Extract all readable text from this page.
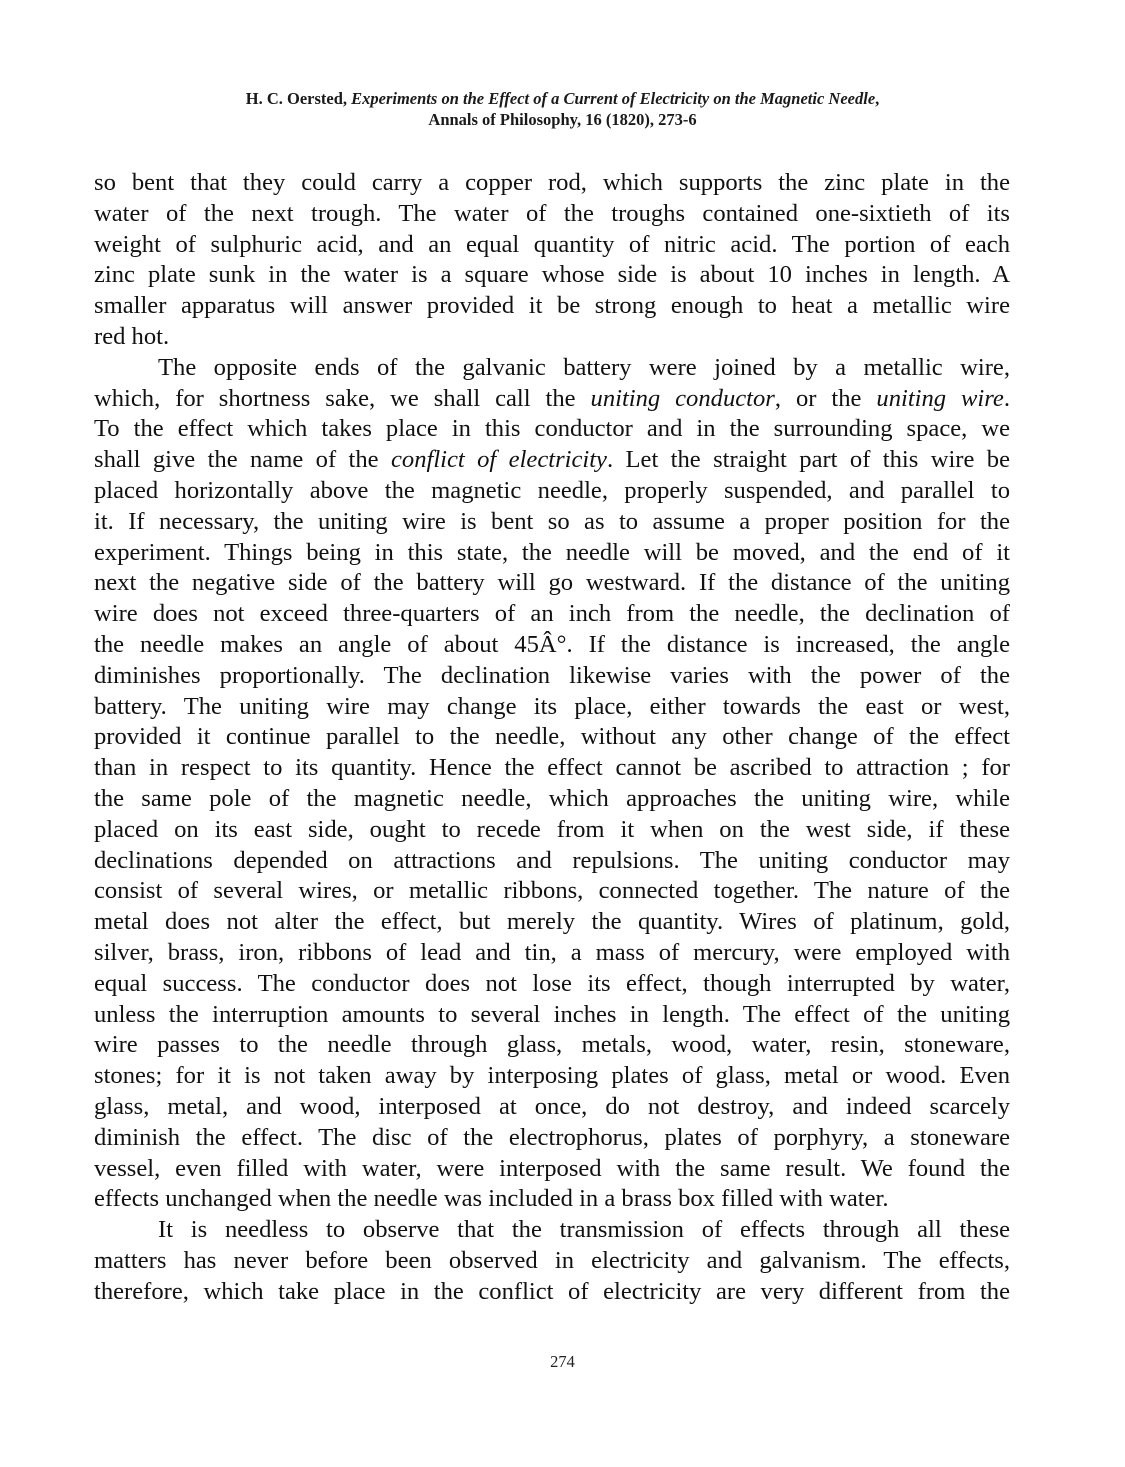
H. C. Oersted, Experiments on the Effect of a Current of Electricity on the Magnetic Needle,
Annals of Philosophy, 16 (1820), 273-6
so bent that they could carry a copper rod, which supports the zinc plate in the
water of the next trough. The water of the troughs contained one-sixtieth of its
weight of sulphuric acid, and an equal quantity of nitric acid. The portion of each
zinc plate sunk in the water is a square whose side is about 10 inches in length. A
smaller apparatus will answer provided it be strong enough to heat a metallic wire
red hot.
The opposite ends of the galvanic battery were joined by a metallic wire,
which, for shortness sake, we shall call the uniting conductor, or the uniting wire.
To the effect which takes place in this conductor and in the surrounding space, we
shall give the name of the conflict of electricity. Let the straight part of this wire be
placed horizontally above the magnetic needle, properly suspended, and parallel to
it. If necessary, the uniting wire is bent so as to assume a proper position for the
experiment. Things being in this state, the needle will be moved, and the end of it
next the negative side of the battery will go westward. If the distance of the uniting
wire does not exceed three-quarters of an inch from the needle, the declination of
the needle makes an angle of about 45Â°. If the distance is increased, the angle
diminishes proportionally. The declination likewise varies with the power of the
battery. The uniting wire may change its place, either towards the east or west,
provided it continue parallel to the needle, without any other change of the effect
than in respect to its quantity. Hence the effect cannot be ascribed to attraction ; for
the same pole of the magnetic needle, which approaches the uniting wire, while
placed on its east side, ought to recede from it when on the west side, if these
declinations depended on attractions and repulsions. The uniting conductor may
consist of several wires, or metallic ribbons, connected together. The nature of the
metal does not alter the effect, but merely the quantity. Wires of platinum, gold,
silver, brass, iron, ribbons of lead and tin, a mass of mercury, were employed with
equal success. The conductor does not lose its effect, though interrupted by water,
unless the interruption amounts to several inches in length. The effect of the uniting
wire passes to the needle through glass, metals, wood, water, resin, stoneware,
stones; for it is not taken away by interposing plates of glass, metal or wood. Even
glass, metal, and wood, interposed at once, do not destroy, and indeed scarcely
diminish the effect. The disc of the electrophorus, plates of porphyry, a stoneware
vessel, even filled with water, were interposed with the same result. We found the
effects unchanged when the needle was included in a brass box filled with water.
It is needless to observe that the transmission of effects through all these
matters has never before been observed in electricity and galvanism. The effects,
therefore, which take place in the conflict of electricity are very different from the
274
